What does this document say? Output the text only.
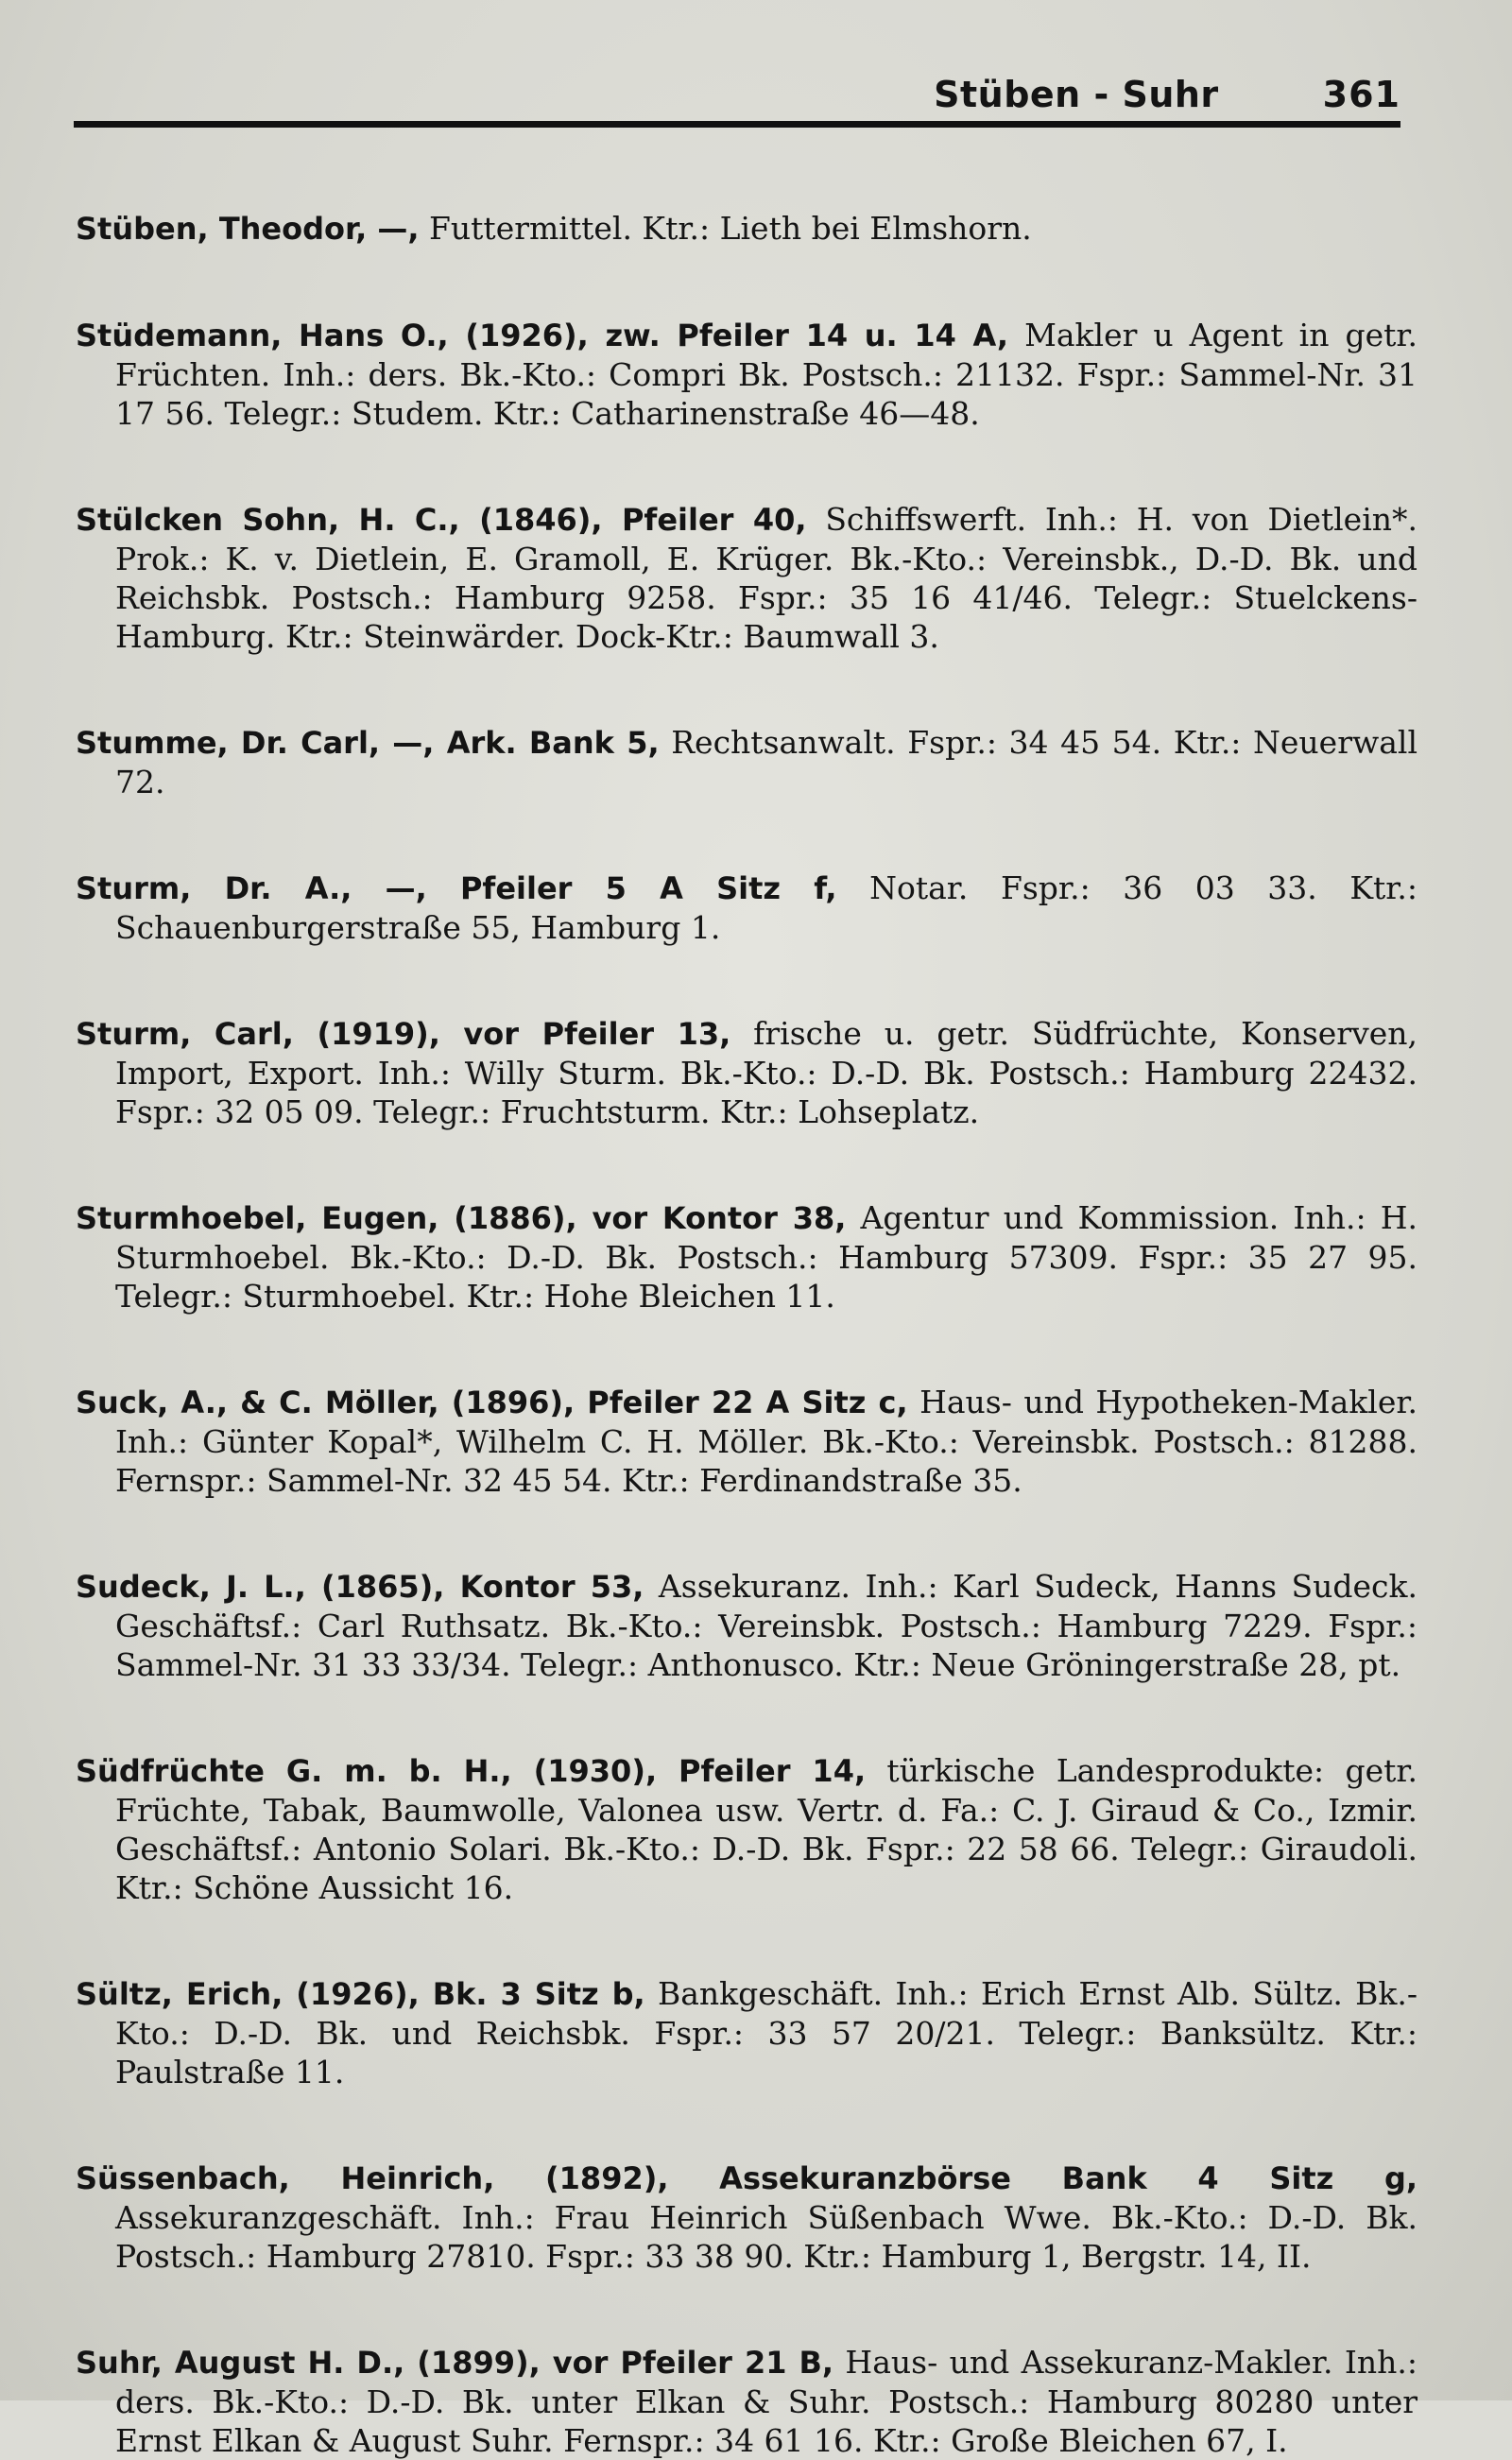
Stüben - Suhr	361

Stüben, Theodor, —, Futtermittel. Ktr.: Lieth bei Elmshorn.

Stüdemann, Hans O., (1926), zw. Pfeiler 14 u. 14 A, Makler u Agent in getr. Früchten. Inh.: ders. Bk.-Kto.: Compri Bk. Postsch.: 21132. Fspr.: Sammel-Nr. 31 17 56. Telegr.: Studem. Ktr.: Catharinenstraße 46—48.

Stülcken Sohn, H. C., (1846), Pfeiler 40, Schiffswerft. Inh.: H. von Dietlein*. Prok.: K. v. Dietlein, E. Gramoll, E. Krüger. Bk.-Kto.: Vereinsbk., D.-D. Bk. und Reichsbk. Postsch.: Hamburg 9258. Fspr.: 35 16 41/46. Telegr.: Stuelckens-Hamburg. Ktr.: Steinwärder. Dock-Ktr.: Baumwall 3.

Stumme, Dr. Carl, —, Ark. Bank 5, Rechtsanwalt. Fspr.: 34 45 54. Ktr.: Neuerwall 72.

Sturm, Dr. A., —, Pfeiler 5 A Sitz f, Notar. Fspr.: 36 03 33. Ktr.: Schauenburgerstraße 55, Hamburg 1.

Sturm, Carl, (1919), vor Pfeiler 13, frische u. getr. Südfrüchte, Konserven, Import, Export. Inh.: Willy Sturm. Bk.-Kto.: D.-D. Bk. Postsch.: Hamburg 22432. Fspr.: 32 05 09. Telegr.: Fruchtsturm. Ktr.: Lohseplatz.

Sturmhoebel, Eugen, (1886), vor Kontor 38, Agentur und Kommission. Inh.: H. Sturmhoebel. Bk.-Kto.: D.-D. Bk. Postsch.: Hamburg 57309. Fspr.: 35 27 95. Telegr.: Sturmhoebel. Ktr.: Hohe Bleichen 11.

Suck, A., & C. Möller, (1896), Pfeiler 22 A Sitz c, Haus- und Hypotheken-Makler. Inh.: Günter Kopal*, Wilhelm C. H. Möller. Bk.-Kto.: Vereinsbk. Postsch.: 81288. Fernspr.: Sammel-Nr. 32 45 54. Ktr.: Ferdinandstraße 35.

Sudeck, J. L., (1865), Kontor 53, Assekuranz. Inh.: Karl Sudeck, Hanns Sudeck. Geschäftsf.: Carl Ruthsatz. Bk.-Kto.: Vereinsbk. Postsch.: Hamburg 7229. Fspr.: Sammel-Nr. 31 33 33/34. Telegr.: Anthonusco. Ktr.: Neue Gröningerstraße 28, pt.

Südfrüchte G. m. b. H., (1930), Pfeiler 14, türkische Landesprodukte: getr. Früchte, Tabak, Baumwolle, Valonea usw. Vertr. d. Fa.: C. J. Giraud & Co., Izmir. Geschäftsf.: Antonio Solari. Bk.-Kto.: D.-D. Bk. Fspr.: 22 58 66. Telegr.: Giraudoli. Ktr.: Schöne Aussicht 16.

Sültz, Erich, (1926), Bk. 3 Sitz b, Bankgeschäft. Inh.: Erich Ernst Alb. Sültz. Bk.-Kto.: D.-D. Bk. und Reichsbk. Fspr.: 33 57 20/21. Telegr.: Banksültz. Ktr.: Paulstraße 11.

Süssenbach, Heinrich, (1892), Assekuranzbörse Bank 4 Sitz g, Assekuranzgeschäft. Inh.: Frau Heinrich Süßenbach Wwe. Bk.-Kto.: D.-D. Bk. Postsch.: Hamburg 27810. Fspr.: 33 38 90. Ktr.: Hamburg 1, Bergstr. 14, II.

Suhr, August H. D., (1899), vor Pfeiler 21 B, Haus- und Assekuranz-Makler. Inh.: ders. Bk.-Kto.: D.-D. Bk. unter Elkan & Suhr. Postsch.: Hamburg 80280 unter Ernst Elkan & August Suhr. Fernspr.: 34 61 16. Ktr.: Große Bleichen 67, I.
